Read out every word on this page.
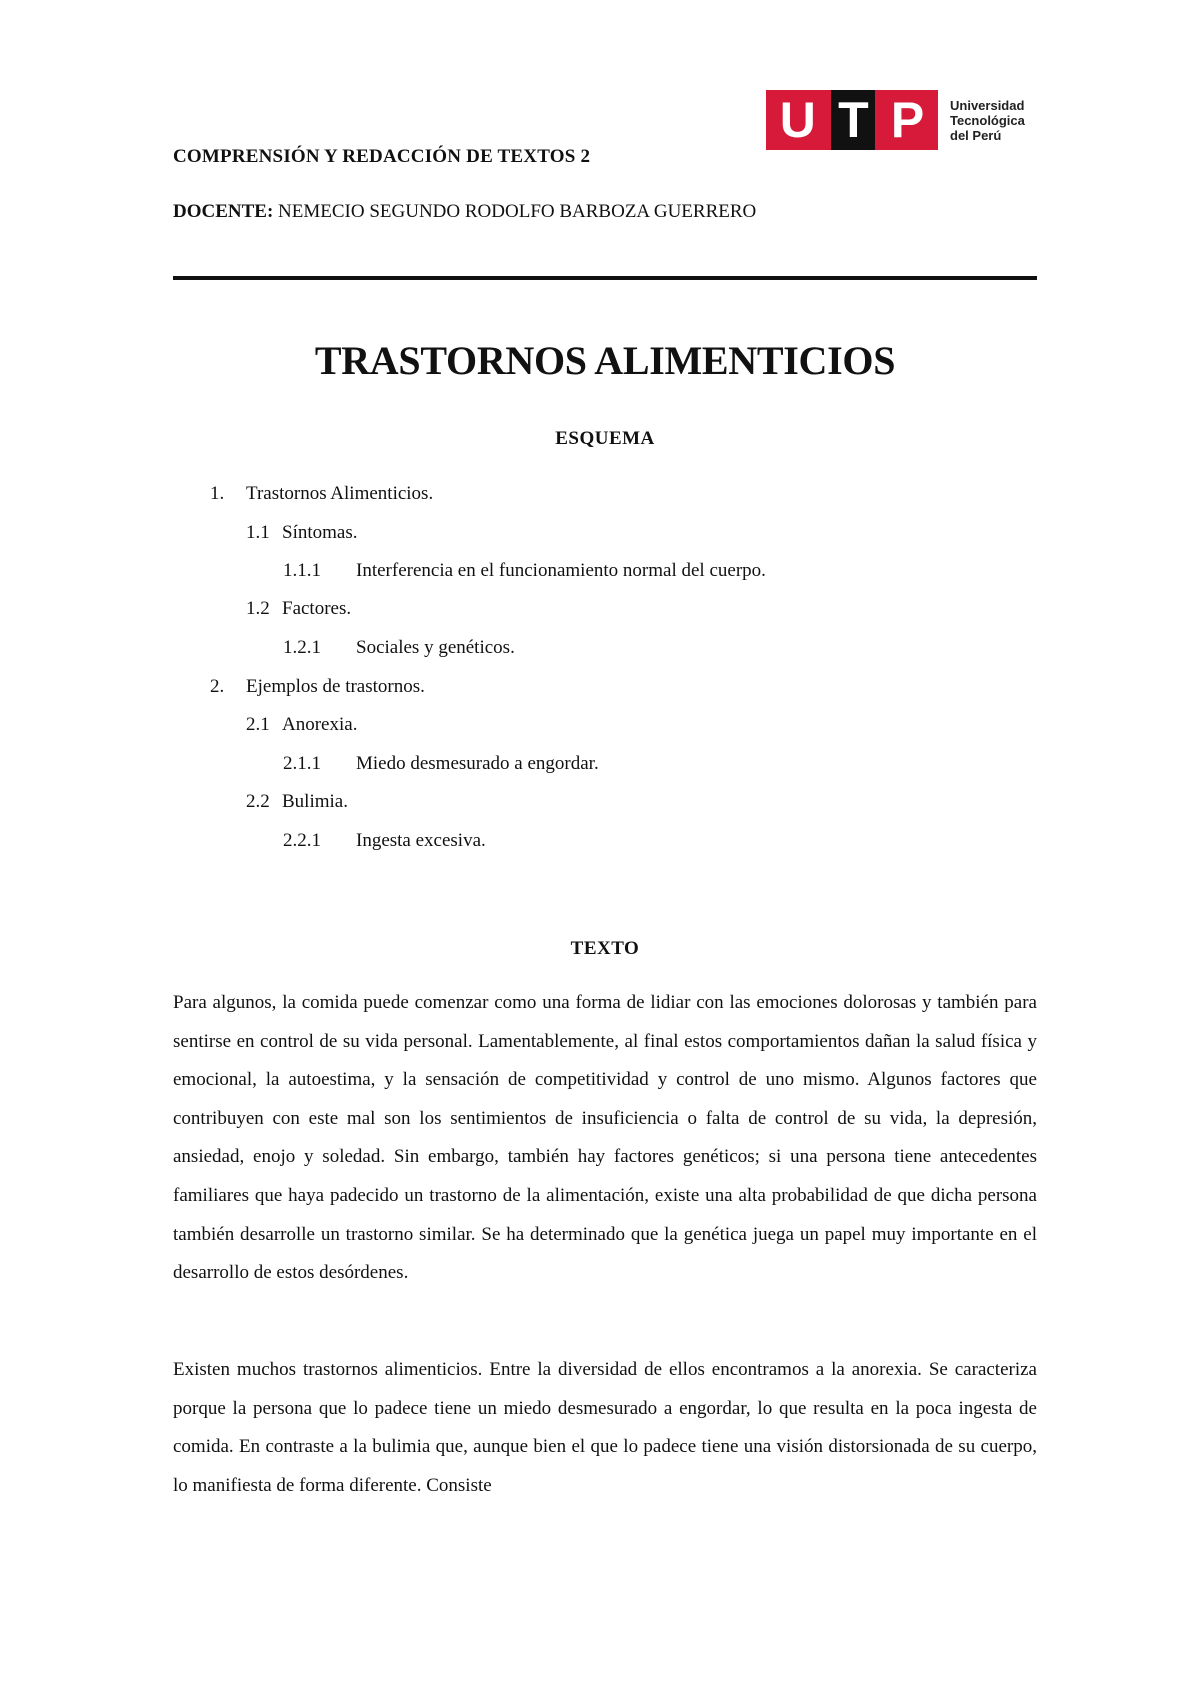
COMPRENSIÓN Y REDACCIÓN DE TEXTOS 2
DOCENTE: NEMECIO SEGUNDO RODOLFO BARBOZA GUERRERO
U T P Universidad
Tecnológica
del Perú
TRASTORNOS ALIMENTICIOS
ESQUEMA
1. Trastornos Alimenticios.
1.1 Síntomas.
1.1.1 Interferencia en el funcionamiento normal del cuerpo.
1.2 Factores.
1.2.1 Sociales y genéticos.
2. Ejemplos de trastornos.
2.1 Anorexia.
2.1.1 Miedo desmesurado a engordar.
2.2 Bulimia.
2.2.1 Ingesta excesiva.
TEXTO
Para algunos, la comida puede comenzar como una forma de lidiar con las emociones dolorosas y también para sentirse en control de su vida personal. Lamentablemente, al final estos comportamientos dañan la salud física y emocional, la autoestima, y la sensación de competitividad y control de uno mismo. Algunos factores que contribuyen con este mal son los sentimientos de insuficiencia o falta de control de su vida, la depresión, ansiedad, enojo y soledad. Sin embargo, también hay factores genéticos; si una persona tiene antecedentes familiares que haya padecido un trastorno de la alimentación, existe una alta probabilidad de que dicha persona también desarrolle un trastorno similar. Se ha determinado que la genética juega un papel muy importante en el desarrollo de estos desórdenes.
Existen muchos trastornos alimenticios. Entre la diversidad de ellos encontramos a la anorexia. Se caracteriza porque la persona que lo padece tiene un miedo desmesurado a engordar, lo que resulta en la poca ingesta de comida. En contraste a la bulimia que, aunque bien el que lo padece tiene una visión distorsionada de su cuerpo, lo manifiesta de forma diferente. Consiste
